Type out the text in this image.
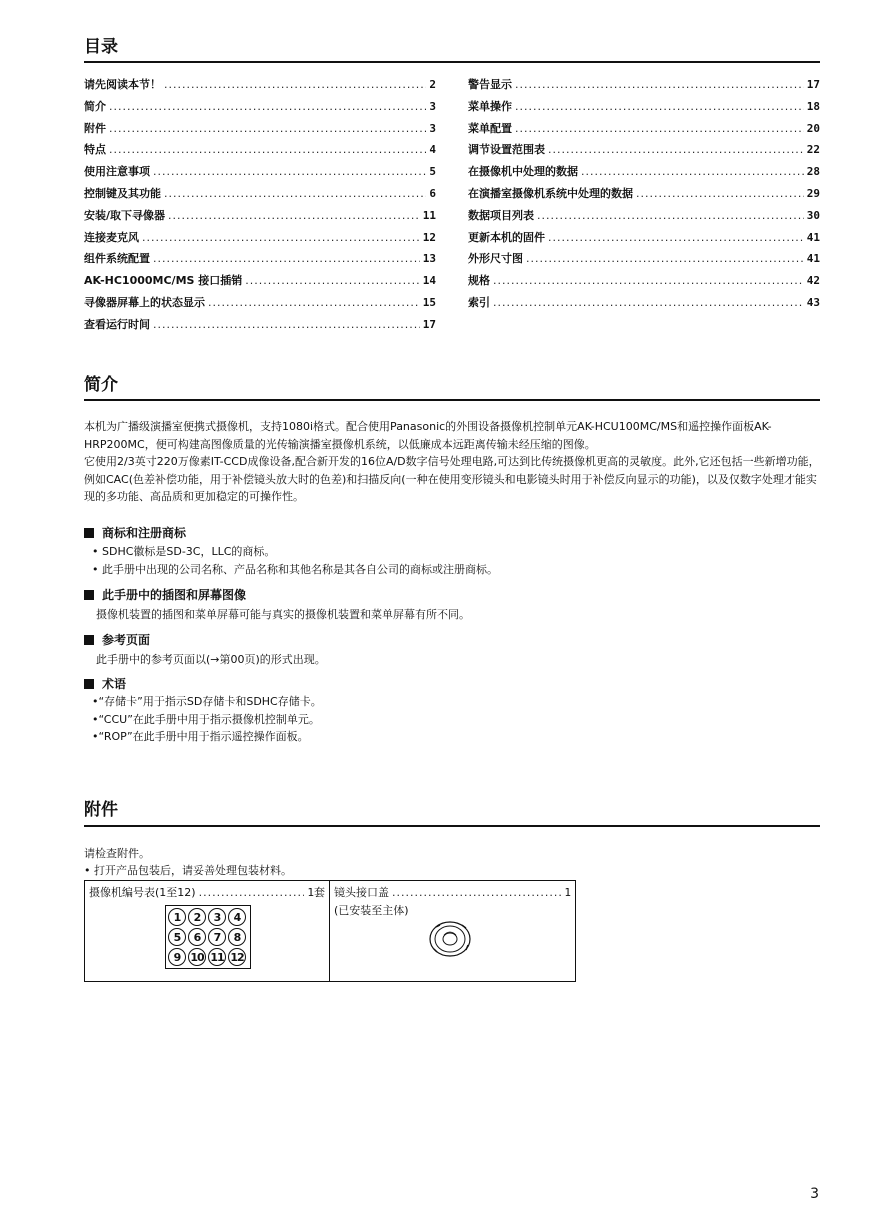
目录
请先阅读本节！ .....	2
简介 .....	3
附件 .....	3
特点 .....	4
使用注意事项 .....	5
控制键及其功能 .....	6
安装/取下寻像器 .....	11
连接麦克风 .....	12
组件系统配置 .....	13
AK-HC1000MC/MS 接口插销 .....	14
寻像器屏幕上的状态显示 .....	15
查看运行时间 .....	17
警告显示 .....	17
菜单操作 .....	18
菜单配置 .....	20
调节设置范围表 .....	22
在摄像机中处理的数据 .....	28
在演播室摄像机系统中处理的数据 .....	29
数据项目列表 .....	30
更新本机的固件 .....	41
外形尺寸图 .....	41
规格 .....	42
索引 .....	43
简介

本机为广播级演播室便携式摄像机，支持1080i格式。配合使用Panasonic的外围设备摄像机控制单元AK-HCU100MC/MS和遥控操作面板AK-HRP200MC，便可构建高图像质量的光传输演播室摄像机系统，以低廉成本远距离传输未经压缩的图像。

它使用2/3英寸220万像素IT-CCD成像设备,配合新开发的16位A/D数字信号处理电路,可达到比传统摄像机更高的灵敏度。此外,它还包括一些新增功能，例如CAC(色差补偿功能，用于补偿镜头放大时的色差)和扫描反向(一种在使用变形镜头和电影镜头时用于补偿反向显示的功能)，以及仅数字处理才能实现的多功能、高品质和更加稳定的可操作性。

商标和注册商标
• SDHC徽标是SD-3C，LLC的商标。
• 此手册中出现的公司名称、产品名称和其他名称是其各自公司的商标或注册商标。
此手册中的插图和屏幕图像

摄像机装置的插图和菜单屏幕可能与真实的摄像机装置和菜单屏幕有所不同。

参考页面

此手册中的参考页面以(→第00页)的形式出现。

术语
•“存储卡”用于指示SD存储卡和SDHC存储卡。
•“CCU”在此手册中用于指示摄像机控制单元。
•“ROP”在此手册中用于指示遥控操作面板。
附件

请检查附件。

• 打开产品包装后，请妥善处理包装材料。

摄像机编号表(1至12) .....	1套
1	2	3	4
5	6	7	8
9 10 11 12
镜头接口盖 .....	1
(已安装至主体)
3
